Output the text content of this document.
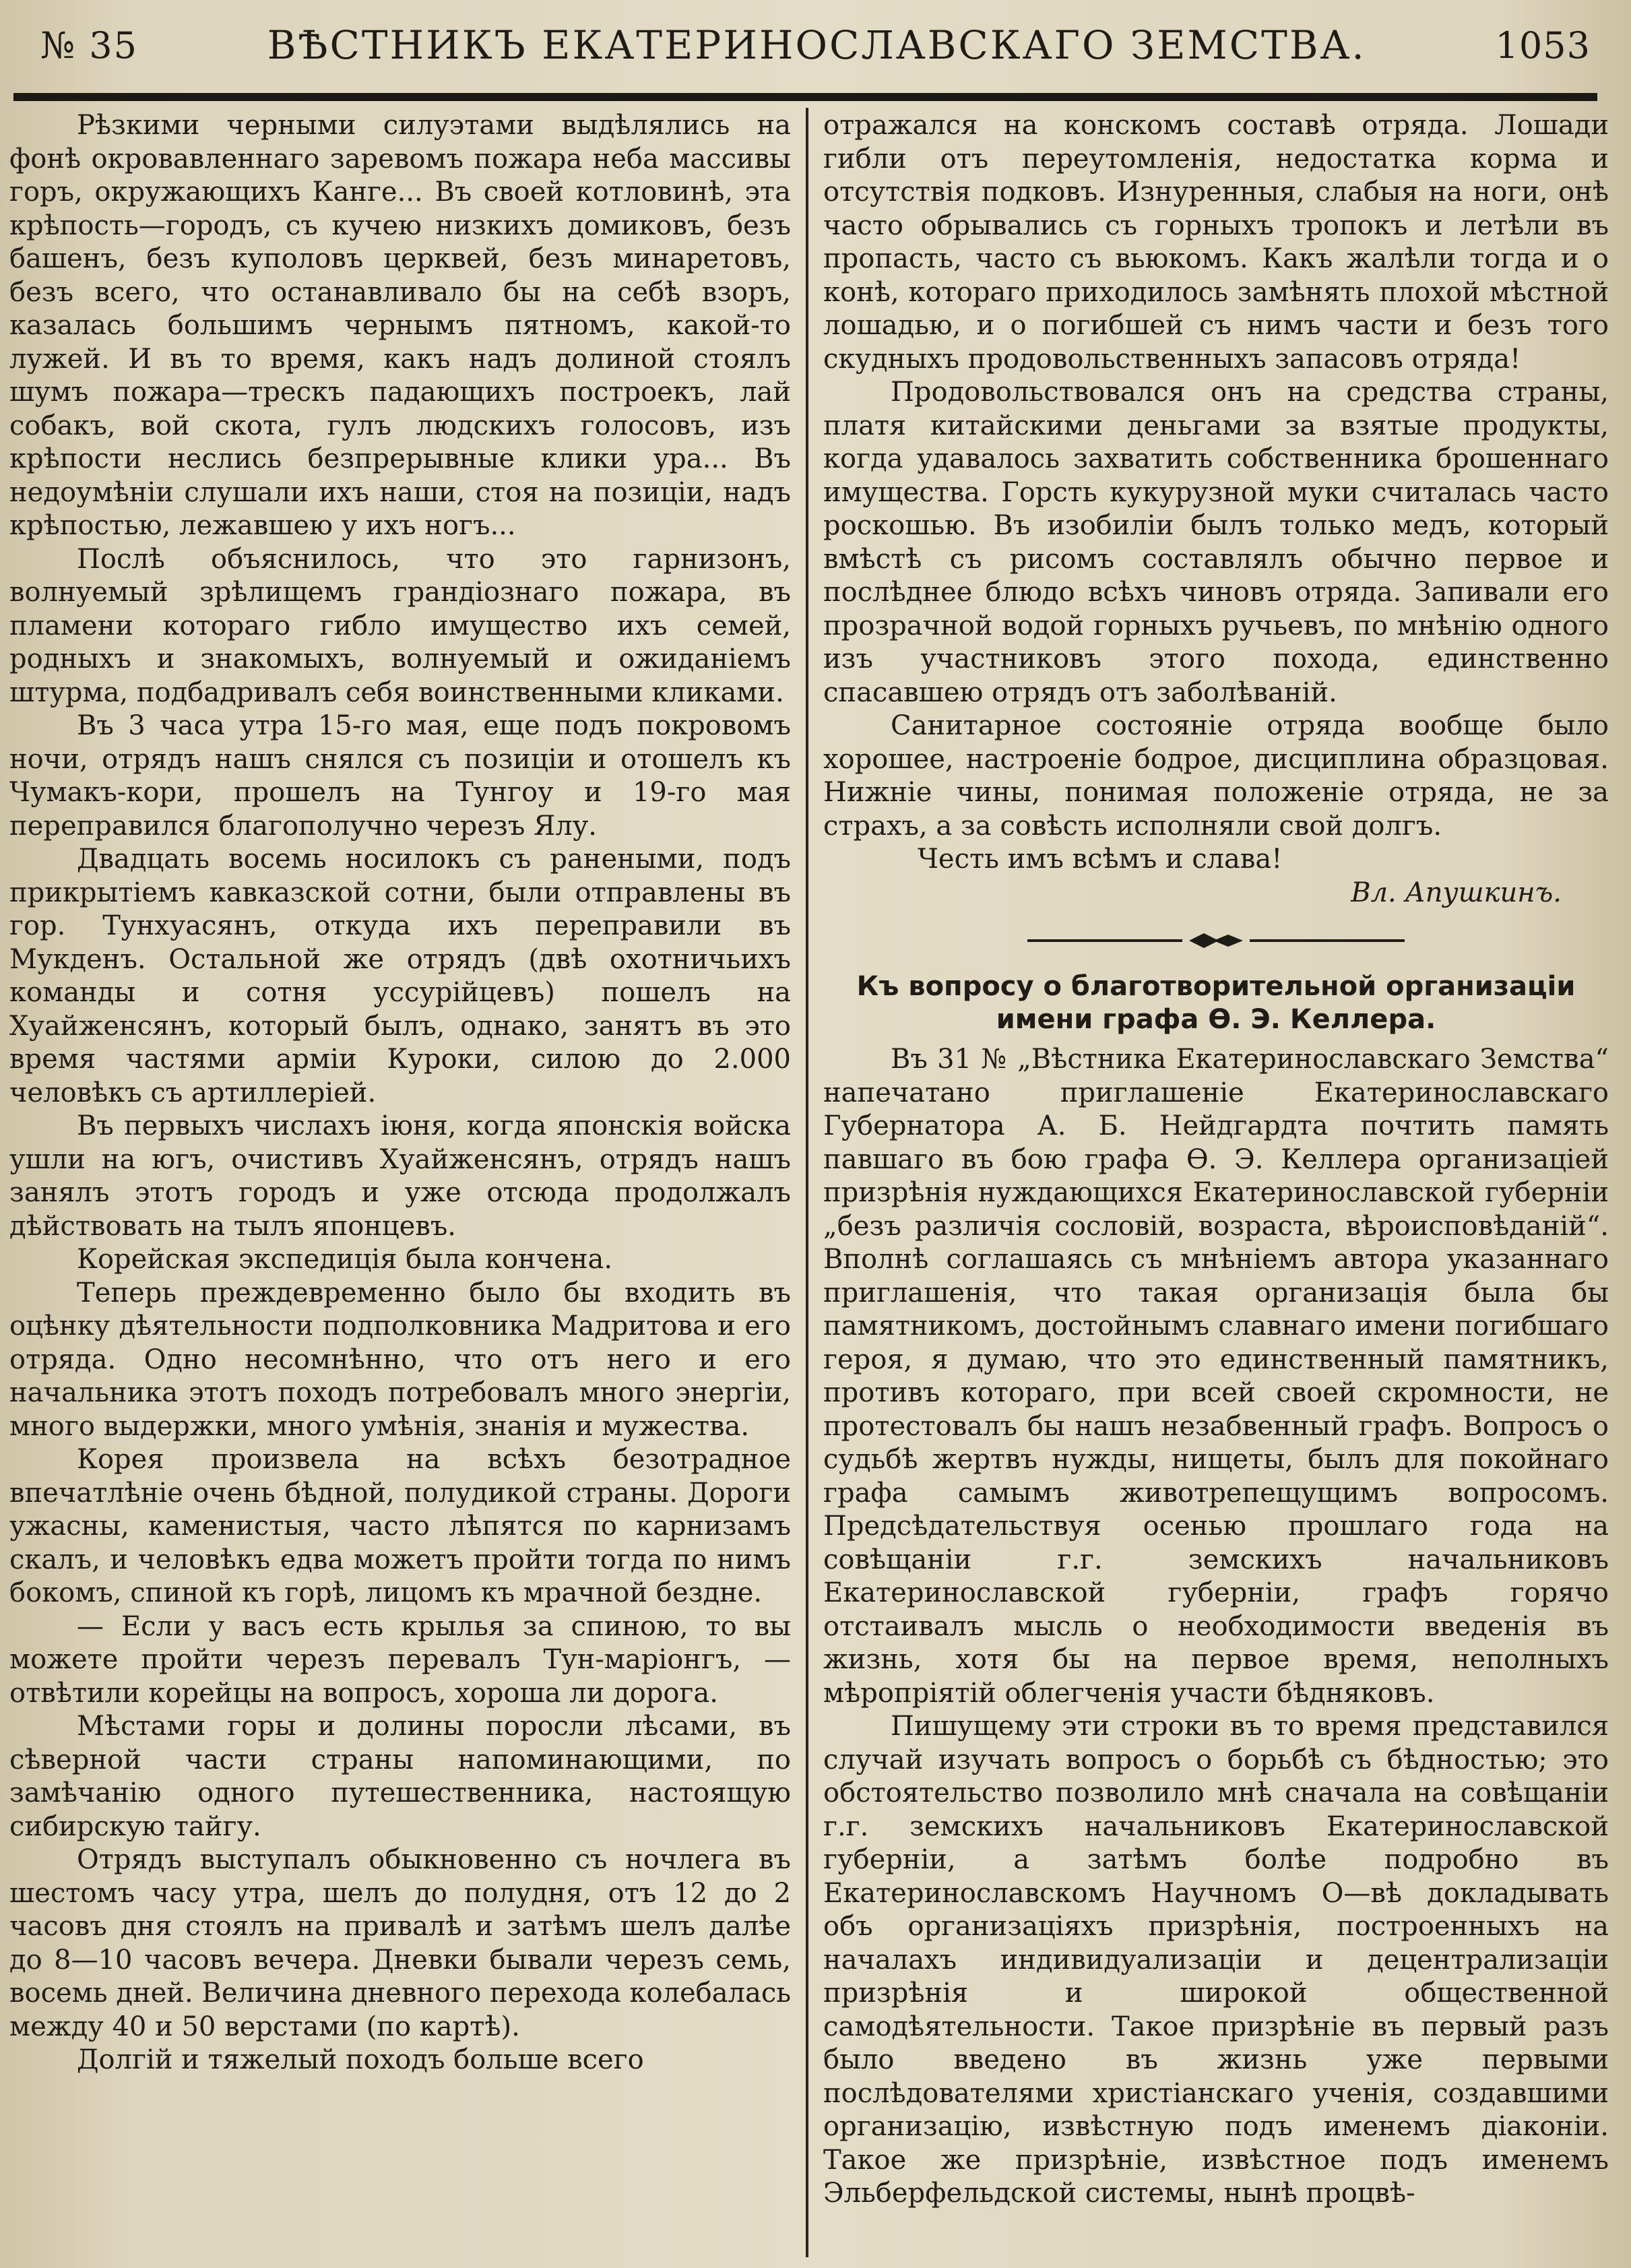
№ 35	ВѢСТНИКЪ ЕКАТЕРИНОСЛАВСКАГО ЗЕМСТВА.	1053

Рѣзкими черными силуэтами выдѣлялись на фонѣ окровавленнаго заревомъ пожара неба массивы горъ, окружающихъ Канге... Въ своей котловинѣ, эта крѣпость—городъ, съ кучею низкихъ домиковъ, безъ башенъ, безъ куполовъ церквей, безъ минаретовъ, безъ всего, что останавливало бы на себѣ взоръ, казалась большимъ чернымъ пятномъ, какой-то лужей. И въ то время, какъ надъ долиной стоялъ шумъ пожара—трескъ падающихъ построекъ, лай собакъ, вой скота, гулъ людскихъ голосовъ, изъ крѣпости неслись безпрерывные клики ура... Въ недоумѣніи слушали ихъ наши, стоя на позиціи, надъ крѣпостью, лежавшею у ихъ ногъ...

Послѣ объяснилось, что это гарнизонъ, волнуемый зрѣлищемъ грандіознаго пожара, въ пламени котораго гибло имущество ихъ семей, родныхъ и знакомыхъ, волнуемый и ожиданіемъ штурма, подбадривалъ себя воинственными кликами.

Въ 3 часа утра 15-го мая, еще подъ покровомъ ночи, отрядъ нашъ снялся съ позиціи и отошелъ къ Чумакъ-кори, прошелъ на Тунгоу и 19-го мая переправился благополучно черезъ Ялу.

Двадцать восемь носилокъ съ ранеными, подъ прикрытіемъ кавказской сотни, были отправлены въ гор. Тунхуасянъ, откуда ихъ переправили въ Мукденъ. Остальной же отрядъ (двѣ охотничьихъ команды и сотня уссурійцевъ) пошелъ на Хуайженсянъ, который былъ, однако, занятъ въ это время частями арміи Куроки, силою до 2.000 человѣкъ съ артиллеріей.

Въ первыхъ числахъ іюня, когда японскія войска ушли на югъ, очистивъ Хуайженсянъ, отрядъ нашъ занялъ этотъ городъ и уже отсюда продолжалъ дѣйствовать на тылъ японцевъ.

Корейская экспедиція была кончена.

Теперь преждевременно было бы входить въ оцѣнку дѣятельности подполковника Мадритова и его отряда. Одно несомнѣнно, что отъ него и его начальника этотъ походъ потребовалъ много энергіи, много выдержки, много умѣнія, знанія и мужества.

Корея произвела на всѣхъ безотрадное впечатлѣніе очень бѣдной, полудикой страны. Дороги ужасны, каменистыя, часто лѣпятся по карнизамъ скалъ, и человѣкъ едва можетъ пройти тогда по нимъ бокомъ, спиной къ горѣ, лицомъ къ мрачной бездне.

— Если у васъ есть крылья за спиною, то вы можете пройти черезъ перевалъ Тун-маріонгъ, —отвѣтили корейцы на вопросъ, хороша ли дорога.

Мѣстами горы и долины поросли лѣсами, въ сѣверной части страны напоминающими, по замѣчанію одного путешественника, настоящую сибирскую тайгу.

Отрядъ выступалъ обыкновенно съ ночлега въ шестомъ часу утра, шелъ до полудня, отъ 12 до 2 часовъ дня стоялъ на привалѣ и затѣмъ шелъ далѣе до 8—10 часовъ вечера. Дневки бывали черезъ семь, восемь дней. Величина дневного перехода колебалась между 40 и 50 верстами (по картѣ).

Долгій и тяжелый походъ больше всего

отражался на конскомъ составѣ отряда. Лошади гибли отъ переутомленія, недостатка корма и отсутствія подковъ. Изнуренныя, слабыя на ноги, онѣ часто обрывались съ горныхъ тропокъ и летѣли въ пропасть, часто съ вьюкомъ. Какъ жалѣли тогда и о конѣ, котораго приходилось замѣнять плохой мѣстной лошадью, и о погибшей съ нимъ части и безъ того скудныхъ продовольственныхъ запасовъ отряда!

Продовольствовался онъ на средства страны, платя китайскими деньгами за взятые продукты, когда удавалось захватить собственника брошеннаго имущества. Горсть кукурузной муки считалась часто роскошью. Въ изобиліи былъ только медъ, который вмѣстѣ съ рисомъ составлялъ обычно первое и послѣднее блюдо всѣхъ чиновъ отряда. Запивали его прозрачной водой горныхъ ручьевъ, по мнѣнію одного изъ участниковъ этого похода, единственно спасавшею отрядъ отъ заболѣваній.

Санитарное состояніе отряда вообще было хорошее, настроеніе бодрое, дисциплина образцовая. Нижніе чины, понимая положеніе отряда, не за страхъ, а за совѣсть исполняли свой долгъ.

Честь имъ всѣмъ и слава!

Вл. Апушкинъ.

Къ вопросу о благотворительной организаціи
имени графа Ѳ. Э. Келлера.

Въ 31 № „Вѣстника Екатеринославскаго Земства“ напечатано приглашеніе Екатеринославскаго Губернатора А. Б. Нейдгардта почтить память павшаго въ бою графа Ѳ. Э. Келлера организаціей призрѣнія нуждающихся Екатеринославской губерніи „безъ различія сословій, возраста, вѣроисповѣданій“. Вполнѣ соглашаясь съ мнѣніемъ автора указаннаго приглашенія, что такая организація была бы памятникомъ, достойнымъ славнаго имени погибшаго героя, я думаю, что это единственный памятникъ, противъ котораго, при всей своей скромности, не протестовалъ бы нашъ незабвенный графъ. Вопросъ о судьбѣ жертвъ нужды, нищеты, былъ для покойнаго графа самымъ животрепещущимъ вопросомъ. Предсѣдательствуя осенью прошлаго года на совѣщаніи г.г. земскихъ начальниковъ Екатеринославской губерніи, графъ горячо отстаивалъ мысль о необходимости введенія въ жизнь, хотя бы на первое время, неполныхъ мѣропріятій облегченія участи бѣдняковъ.

Пишущему эти строки въ то время представился случай изучать вопросъ о борьбѣ съ бѣдностью; это обстоятельство позволило мнѣ сначала на совѣщаніи г.г. земскихъ начальниковъ Екатеринославской губерніи, а затѣмъ болѣе подробно въ Екатеринославскомъ Научномъ О—вѣ докладывать объ организаціяхъ призрѣнія, построенныхъ на началахъ индивидуализаціи и децентрализаціи призрѣнія и широкой общественной самодѣятельности. Такое призрѣніе въ первый разъ было введено въ жизнь уже первыми послѣдователями христіанскаго ученія, создавшими организацію, извѣстную подъ именемъ діаконіи. Такое же призрѣніе, извѣстное подъ именемъ Эльберфельдской системы, нынѣ процвѣ-
